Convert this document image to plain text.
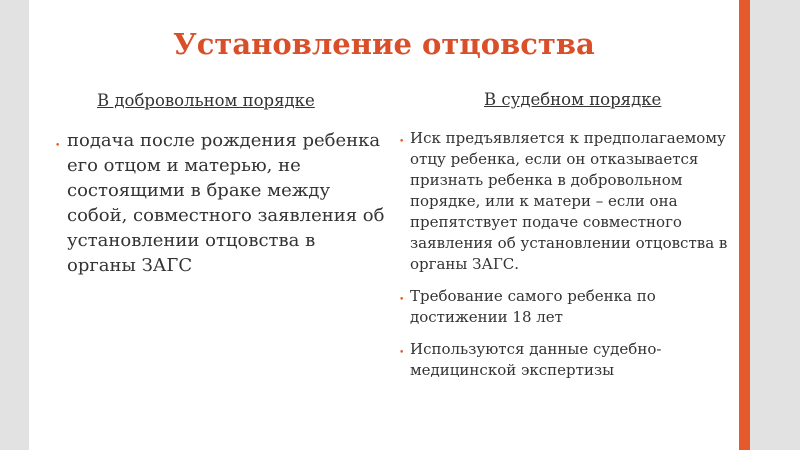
Установление отцовства
В добровольном порядке	В судебном порядке
• подача после рождения ребенка его отцом и матерью, не состоящими в браке между собой, совместного заявления об установлении отцовства в органы ЗАГС
• Иск предъявляется к предполагаемому отцу ребенка, если он отказывается признать ребенка в добровольном порядке, или к матери – если она препятствует подаче совместного заявления об установлении отцовства в органы ЗАГС.
• Требование самого ребенка по достижении 18 лет
• Используются данные судебно-медицинской экспертизы
